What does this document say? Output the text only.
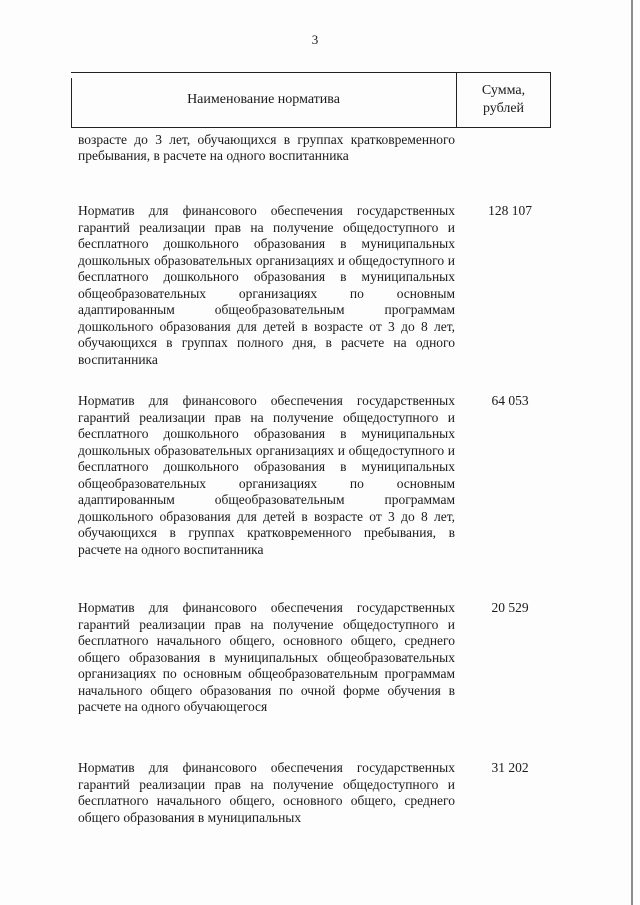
3
Наименование норматива
Сумма,
рублей
возрасте до 3 лет, обучающихся в группах кратковременного пребывания, в расчете на одного воспитанника
Норматив для финансового обеспечения государственных гарантий реализации прав на получение общедоступного и бесплатного дошкольного образования в муниципальных дошкольных образовательных организациях и общедоступного и бесплатного дошкольного образования в муниципальных общеобразовательных организациях по основным адаптированным общеобразовательным программам дошкольного образования для детей в возрасте от 3 до 8 лет, обучающихся в группах полного дня, в расчете на одного воспитанника
128 107
Норматив для финансового обеспечения государственных гарантий реализации прав на получение общедоступного и бесплатного дошкольного образования в муниципальных дошкольных образовательных организациях и общедоступного и бесплатного дошкольного образования в муниципальных общеобразовательных организациях по основным адаптированным общеобразовательным программам дошкольного образования для детей в возрасте от 3 до 8 лет, обучающихся в группах кратковременного пребывания, в расчете на одного воспитанника
64 053
Норматив для финансового обеспечения государственных гарантий реализации прав на получение общедоступного и бесплатного начального общего, основного общего, среднего общего образования в муниципальных общеобразовательных организациях по основным общеобразовательным программам начального общего образования по очной форме обучения в расчете на одного обучающегося
20 529
Норматив для финансового обеспечения государственных гарантий реализации прав на получение общедоступного и бесплатного начального общего, основного общего, среднего общего образования в муниципальных
31 202
